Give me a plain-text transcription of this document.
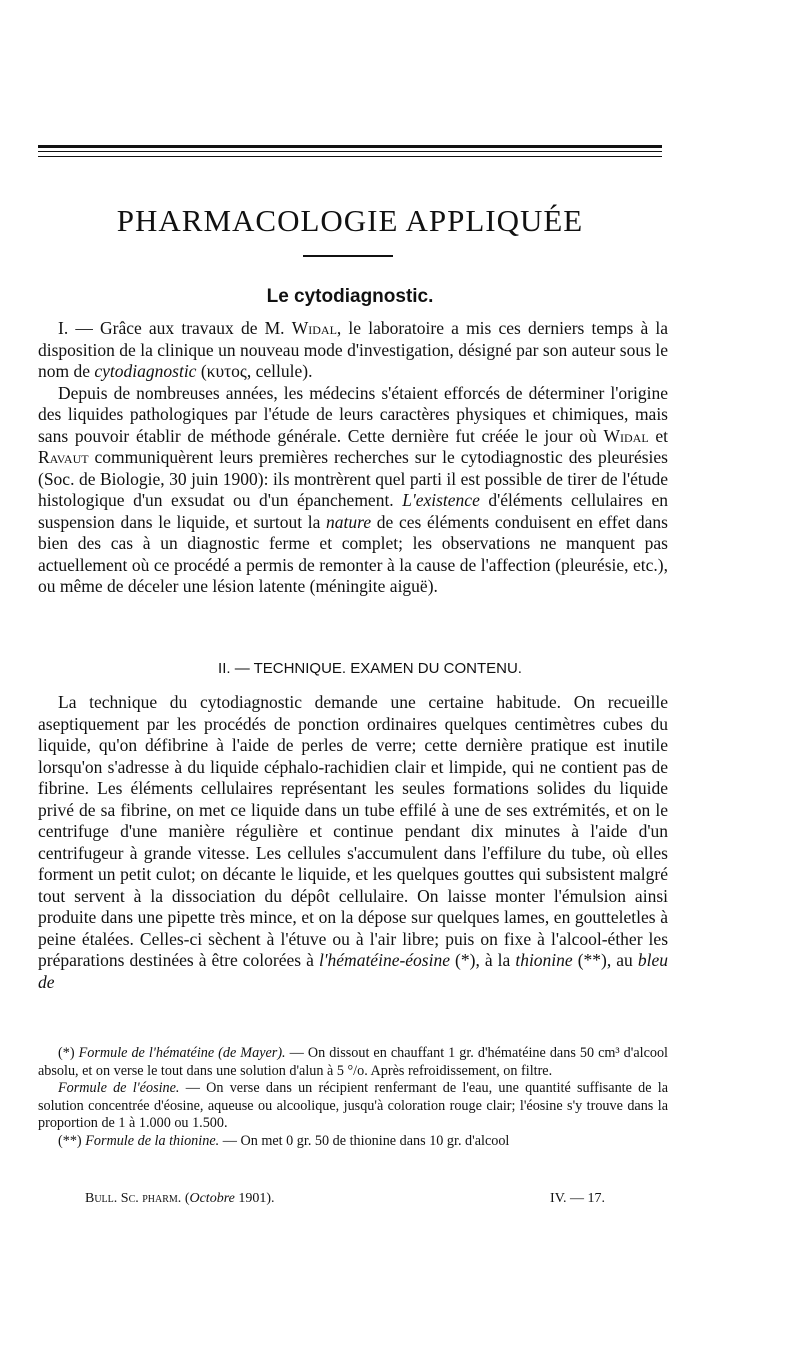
PHARMACOLOGIE APPLIQUÉE
Le cytodiagnostic.

I. — Grâce aux travaux de M. Widal, le laboratoire a mis ces derniers temps à la disposition de la clinique un nouveau mode d'investigation, désigné par son auteur sous le nom de cytodiagnostic (κυτος, cellule).

Depuis de nombreuses années, les médecins s'étaient efforcés de déterminer l'origine des liquides pathologiques par l'étude de leurs caractères physiques et chimiques, mais sans pouvoir établir de méthode générale. Cette dernière fut créée le jour où Widal et Ravaut communiquèrent leurs premières recherches sur le cytodiagnostic des pleurésies (Soc. de Biologie, 30 juin 1900): ils montrèrent quel parti il est possible de tirer de l'étude histologique d'un exsudat ou d'un épanchement. L'existence d'éléments cellulaires en suspension dans le liquide, et surtout la nature de ces éléments conduisent en effet dans bien des cas à un diagnostic ferme et complet; les observations ne manquent pas actuellement où ce procédé a permis de remonter à la cause de l'affection (pleurésie, etc.), ou même de déceler une lésion latente (méningite aiguë).

II. — TECHNIQUE. EXAMEN DU CONTENU.

La technique du cytodiagnostic demande une certaine habitude. On recueille aseptiquement par les procédés de ponction ordinaires quelques centimètres cubes du liquide, qu'on défibrine à l'aide de perles de verre; cette dernière pratique est inutile lorsqu'on s'adresse à du liquide céphalo-rachidien clair et limpide, qui ne contient pas de fibrine. Les éléments cellulaires représentant les seules formations solides du liquide privé de sa fibrine, on met ce liquide dans un tube effilé à une de ses extrémités, et on le centrifuge d'une manière régulière et continue pendant dix minutes à l'aide d'un centrifugeur à grande vitesse. Les cellules s'accumulent dans l'effilure du tube, où elles forment un petit culot; on décante le liquide, et les quelques gouttes qui subsistent malgré tout servent à la dissociation du dépôt cellulaire. On laisse monter l'émulsion ainsi produite dans une pipette très mince, et on la dépose sur quelques lames, en goutteletles à peine étalées. Celles-ci sèchent à l'étuve ou à l'air libre; puis on fixe à l'alcool-éther les préparations destinées à être colorées à l'hématéine-éosine (*), à la thionine (**), au bleu de

(*) Formule de l'hématéine (de Mayer). — On dissout en chauffant 1 gr. d'hématéine dans 50 cm³ d'alcool absolu, et on verse le tout dans une solution d'alun à 5 °/o. Après refroidissement, on filtre.

Formule de l'éosine. — On verse dans un récipient renfermant de l'eau, une quantité suffisante de la solution concentrée d'éosine, aqueuse ou alcoolique, jusqu'à coloration rouge clair; l'éosine s'y trouve dans la proportion de 1 à 1.000 ou 1.500.

(**) Formule de la thionine. — On met 0 gr. 50 de thionine dans 10 gr. d'alcool

Bull. Sc. pharm. (Octobre 1901).	IV. — 17.
